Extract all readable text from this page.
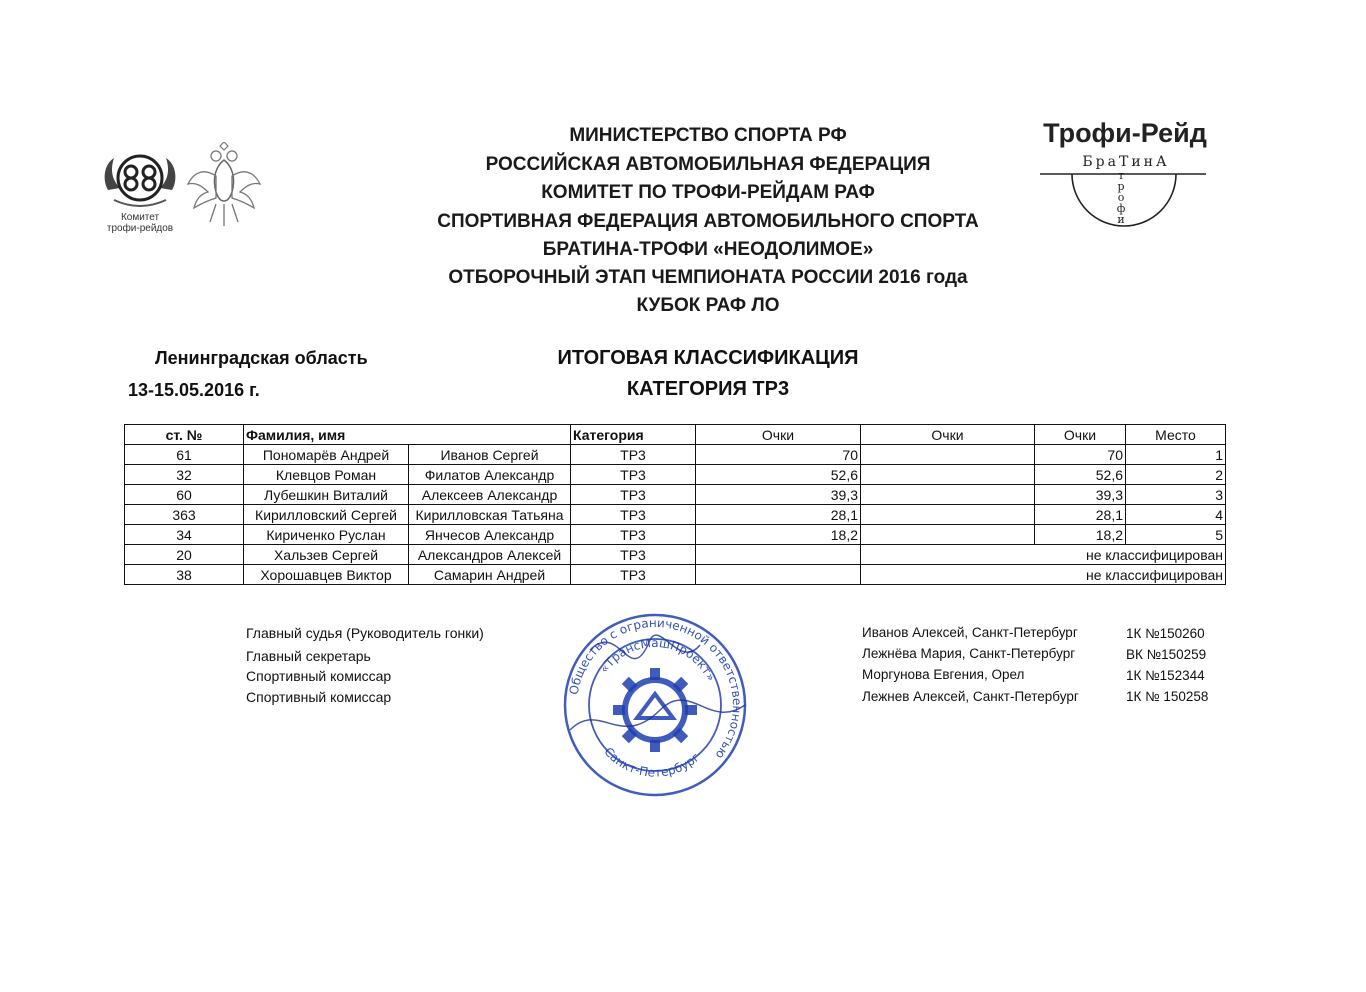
Комитет
трофи-рейдов
МИНИСТЕРСТВО СПОРТА РФ
РОССИЙСКАЯ АВТОМОБИЛЬНАЯ ФЕДЕРАЦИЯ
КОМИТЕТ ПО ТРОФИ-РЕЙДАМ РАФ
СПОРТИВНАЯ ФЕДЕРАЦИЯ АВТОМОБИЛЬНОГО СПОРТА
БРАТИНА-ТРОФИ «НЕОДОЛИМОЕ»
ОТБОРОЧНЫЙ ЭТАП ЧЕМПИОНАТА РОССИИ 2016 года
КУБОК РАФ ЛО
Трофи-Рейд
БраТинА
трофи
Ленинградская область
13-15.05.2016 г.
ИТОГОВАЯ КЛАССИФИКАЦИЯ
КАТЕГОРИЯ ТР3
ст. №	Фамилия, имя		Категория	Очки	Очки	Очки	Место
61	Пономарёв Андрей	Иванов Сергей	ТР3	70		70	1
32	Клевцов Роман	Филатов Александр	ТР3	52,6		52,6	2
60	Лубешкин Виталий	Алексеев Александр	ТР3	39,3		39,3	3
363	Кирилловский Сергей	Кирилловская Татьяна	ТР3	28,1		28,1	4
34	Кириченко Руслан	Янчесов Александр	ТР3	18,2		18,2	5
20	Хальзев Сергей	Александров Алексей	ТР3		не классифицирован		
38	Хорошавцев Виктор	Самарин Андрей	ТР3		не классифицирован		
Главный судья (Руководитель гонки)
Главный секретарь
Спортивный комиссар
Спортивный комиссар
Иванов Алексей, Санкт-Петербург
Лежнёва Мария, Санкт-Петербург
Моргунова Евгения, Орел
Лежнев Алексей, Санкт-Петербург
1К №150260
ВК №150259
1К №152344
1К № 150258
Общество с ограниченной ответственностью
«ТрансМашПроект»
Санкт-Петербург
